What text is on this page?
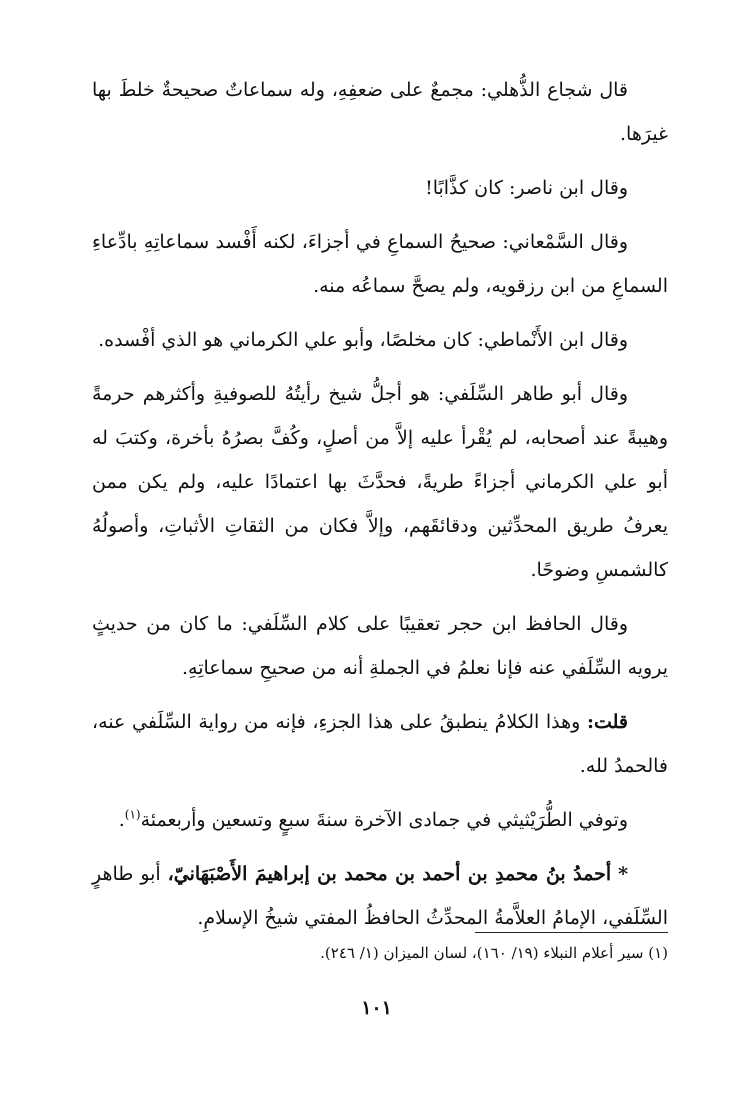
قال شجاع الذُّهلي: مجمعٌ على ضعفِهِ، وله سماعاتٌ صحيحةٌ خلطَ بها غيرَها.

وقال ابن ناصر: كان كذَّابًا!

وقال السَّمْعاني: صحيحُ السماعِ في أجزاءَ، لكنه أَفْسد سماعاتِهِ بادِّعاءِ السماعِ من ابن رزقويه، ولم يصحَّ سماعُه منه.

وقال ابن الأَنْماطي: كان مخلصًا، وأبو علي الكرماني هو الذي أفْسده.

وقال أبو طاهر السِّلَفي: هو أجلُّ شيخ رأيتُهُ للصوفيةِ وأكثرهم حرمةً وهيبةً عند أصحابه، لم يُقْرأ عليه إلاَّ من أصلٍ، وكُفَّ بصرُهُ بأخرة، وكتبَ له أبو علي الكرماني أجزاءً طريةً، فحدَّثَ بها اعتمادًا عليه، ولم يكن ممن يعرفُ طريق المحدِّثين ودقائقَهم، وإلاَّ فكان من الثقاتِ الأثباتِ، وأصولُهُ كالشمسِ وضوحًا.

وقال الحافظ ابن حجر تعقيبًا على كلام السِّلَفي: ما كان من حديثٍ يرويه السِّلَفي عنه فإنا نعلمُ في الجملةِ أنه من صحيحِ سماعاتِهِ.

قلت: وهذا الكلامُ ينطبقُ على هذا الجزءِ، فإنه من رواية السِّلَفي عنه، فالحمدُ لله.

وتوفي الطُّرَيْثيثي في جمادى الآخرة سنةَ سبعٍ وتسعين وأربعمئة$^{(١)}$.

* أحمدُ بنُ محمدِ بن أحمد بن محمد بن إبراهيمَ الأَصْبَهَانيّ، أبو طاهرٍ السِّلَفي، الإمامُ العلاَّمةُ المحدِّثُ الحافظُ المفتي شيخُ الإسلامِ.

(١) سير أعلام النبلاء (١٩/ ١٦٠)، لسان الميزان (١/ ٢٤٦).
١٠١
